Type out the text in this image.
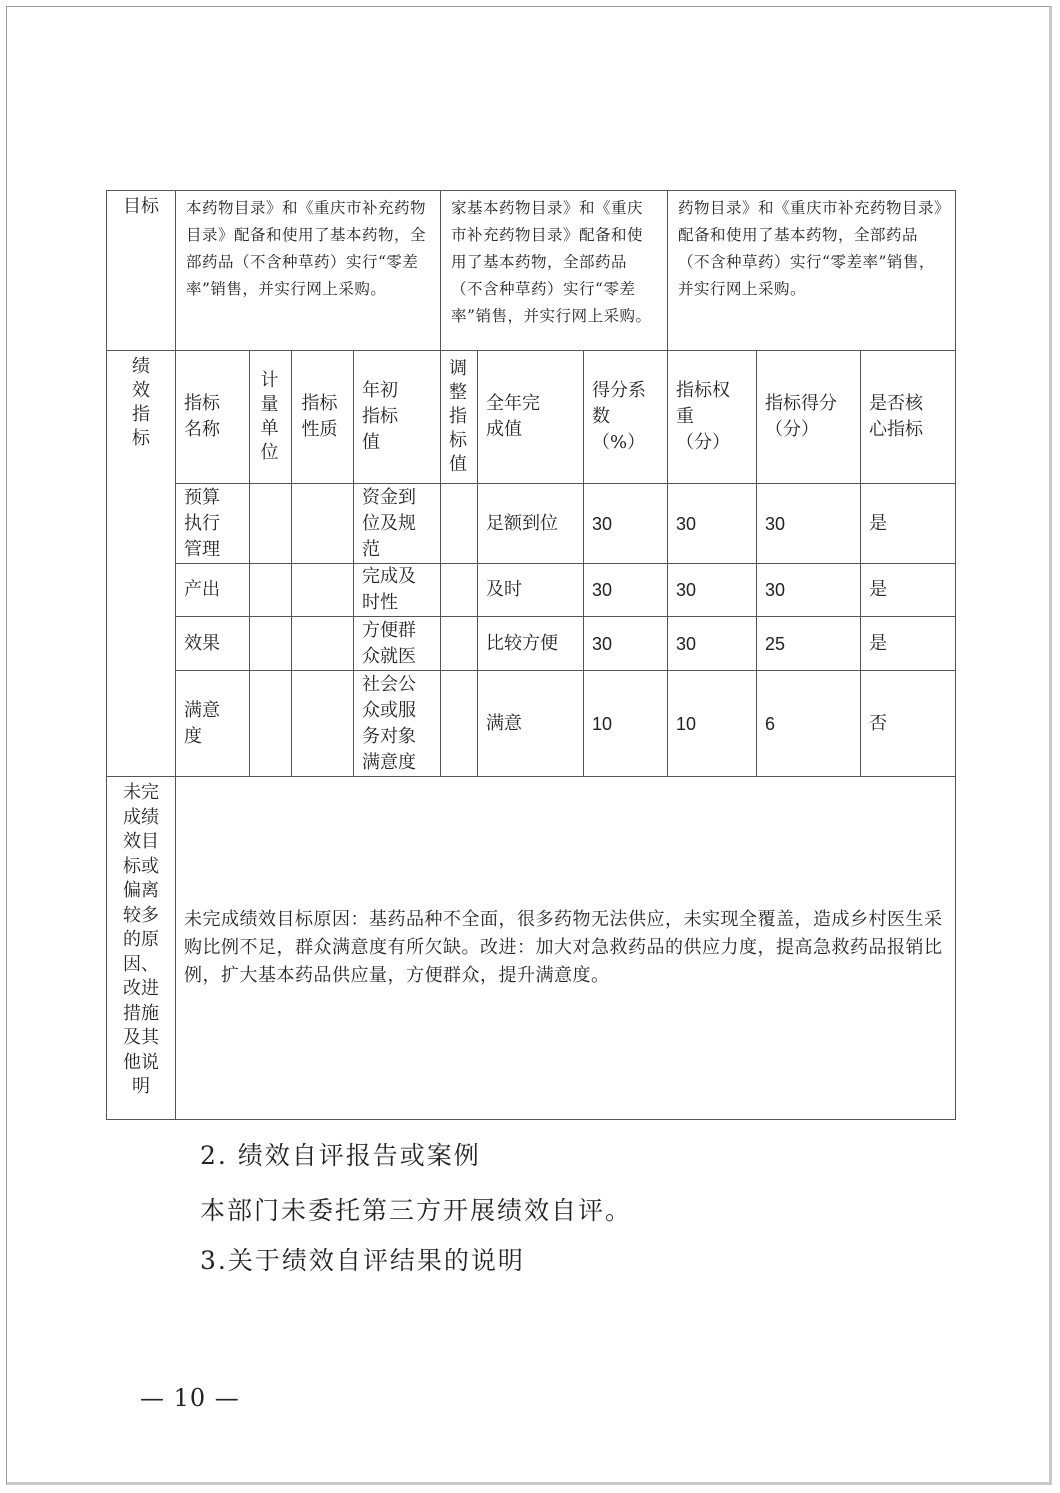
目标	本药物目录》和《重庆市补充药物目录》配备和使用了基本药物，全部药品（不含种草药）实行“零差率”销售，并实行网上采购。				家基本药物目录》和《重庆市补充药物目录》配备和使用了基本药物，全部药品（不含种草药）实行“零差率”销售，并实行网上采购。			药物目录》和《重庆市补充药物目录》配备和使用了基本药物，全部药品（不含种草药）实行“零差率”销售，并实行网上采购。		

绩效指标	指标名称	计量单位	指标性质	年初指标值	调整指标值	全年完成值	得分系数（%）	指标权重（分）	指标得分（分）	是否核心指标

	预算执行管理			资金到位及规范		足额到位	30	30	30	是
	产出			完成及时性		及时	30	30	30	是
	效果			方便群众就医		比较方便	30	30	25	是

	满意度			社会公众或服务对象满意度		满意	10	10	6	否

未完成绩效目标或偏离较多的原因、改进措施及其他说明	未完成绩效目标原因：基药品种不全面，很多药物无法供应，未实现全覆盖，造成乡村医生采购比例不足，群众满意度有所欠缺。改进：加大对急救药品的供应力度，提高急救药品报销比例，扩大基本药品供应量，方便群众，提升满意度。									

2. 绩效自评报告或案例

本部门未委托第三方开展绩效自评。

3.关于绩效自评结果的说明

— 10 —
